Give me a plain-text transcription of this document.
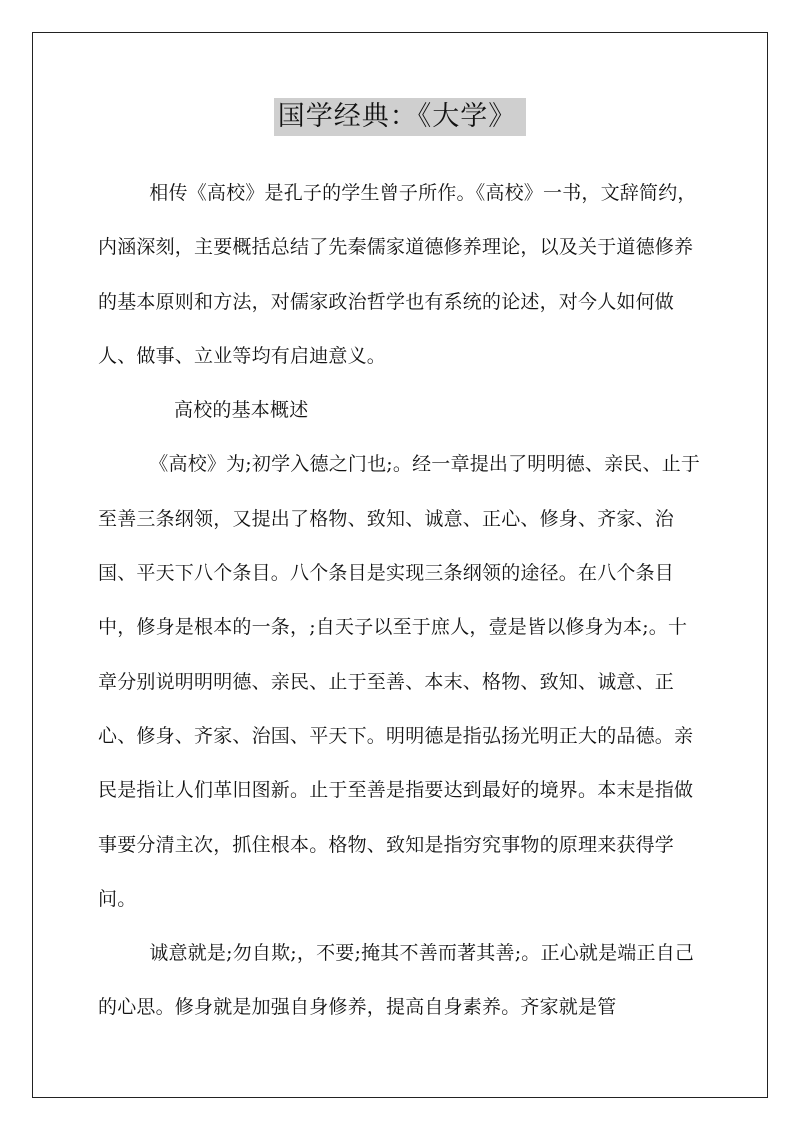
国学经典：《大学》

相传《高校》是孔子的学生曾子所作。《高校》一书，文辞简约，内涵深刻，主要概括总结了先秦儒家道德修养理论，以及关于道德修养的基本原则和方法，对儒家政治哲学也有系统的论述，对今人如何做人、做事、立业等均有启迪意义。

高校的基本概述

《高校》为;初学入德之门也;。经一章提出了明明德、亲民、止于至善三条纲领，又提出了格物、致知、诚意、正心、修身、齐家、治国、平天下八个条目。八个条目是实现三条纲领的途径。在八个条目中，修身是根本的一条，;自天子以至于庶人，壹是皆以修身为本;。十章分别说明明明德、亲民、止于至善、本末、格物、致知、诚意、正心、修身、齐家、治国、平天下。明明德是指弘扬光明正大的品德。亲民是指让人们革旧图新。止于至善是指要达到最好的境界。本末是指做事要分清主次，抓住根本。格物、致知是指穷究事物的原理来获得学问。

诚意就是;勿自欺;，不要;掩其不善而著其善;。正心就是端正自己的心思。修身就是加强自身修养，提高自身素养。齐家就是管
